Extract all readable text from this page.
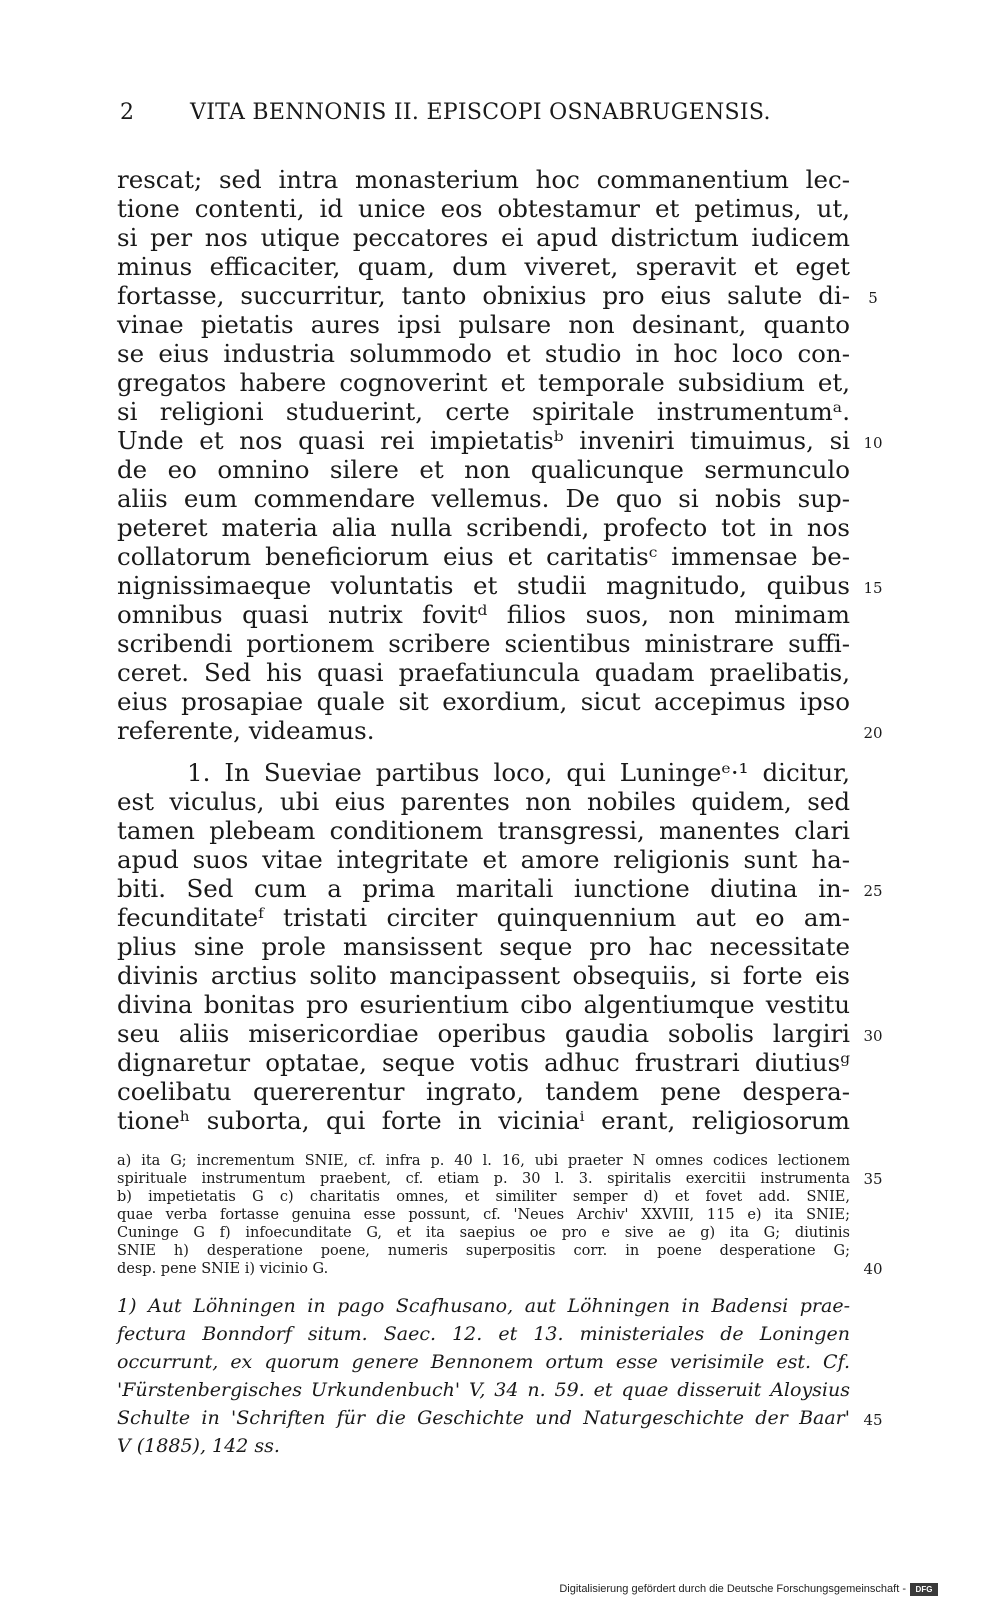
2	VITA BENNONIS II. EPISCOPI OSNABRUGENSIS.
rescat; sed intra monasterium hoc commanentium lec-
tione contenti, id unice eos obtestamur et petimus, ut,
si per nos utique peccatores ei apud districtum iudicem
minus efficaciter, quam, dum viveret, speravit et eget
fortasse, succurritur, tanto obnixius pro eius salute di-
vinae pietatis aures ipsi pulsare non desinant, quanto
se eius industria solummodo et studio in hoc loco con-
gregatos habere cognoverint et temporale subsidium et,
si religioni studuerint, certe spiritale instrumentumᵃ.
Unde et nos quasi rei impietatisᵇ inveniri timuimus, si
de eo omnino silere et non qualicunque sermunculo
aliis eum commendare vellemus. De quo si nobis sup-
peteret materia alia nulla scribendi, profecto tot in nos
collatorum beneficiorum eius et caritatisᶜ immensae be-
nignissimaeque voluntatis et studii magnitudo, quibus
omnibus quasi nutrix fovitᵈ filios suos, non minimam
scribendi portionem scribere scientibus ministrare suffi-
ceret. Sed his quasi praefatiuncula quadam praelibatis,
eius prosapiae quale sit exordium, sicut accepimus ipso
referente, videamus.
1. In Sueviae partibus loco, qui Luningeᵉ·¹ dicitur,
est viculus, ubi eius parentes non nobiles quidem, sed
tamen plebeam conditionem transgressi, manentes clari
apud suos vitae integritate et amore religionis sunt ha-
biti. Sed cum a prima maritali iunctione diutina in-
fecunditateᶠ tristati circiter quinquennium aut eo am-
plius sine prole mansissent seque pro hac necessitate
divinis arctius solito mancipassent obsequiis, si forte eis
divina bonitas pro esurientium cibo algentiumque vestitu
seu aliis misericordiae operibus gaudia sobolis largiri
dignaretur optatae, seque votis adhuc frustrari diutiusᵍ
coelibatu quererentur ingrato, tandem pene despera-
tioneʰ suborta, qui forte in viciniaⁱ erant, religiosorum
5
10
15
20
25
30
a) ita G; incrementum SNIE, cf. infra p. 40 l. 16, ubi praeter N omnes codices lectionem
spirituale instrumentum praebent, cf. etiam p. 30 l. 3. spiritalis exercitii instrumenta
b) impetietatis G c) charitatis omnes, et similiter semper d) et fovet add. SNIE,
quae verba fortasse genuina esse possunt, cf. 'Neues Archiv' XXVIII, 115 e) ita SNIE;
Cuninge G f) infoecunditate G, et ita saepius oe pro e sive ae g) ita G; diutinis
SNIE h) desperatione poene, numeris superpositis corr. in poene desperatione G;
desp. pene SNIE i) vicinio G.
35
40
1) Aut Löhningen in pago Scafhusano, aut Löhningen in Badensi prae-
fectura Bonndorf situm. Saec. 12. et 13. ministeriales de Loningen
occurrunt, ex quorum genere Bennonem ortum esse verisimile est. Cf.
'Fürstenbergisches Urkundenbuch' V, 34 n. 59. et quae disseruit Aloysius
Schulte in 'Schriften für die Geschichte und Naturgeschichte der Baar'
V (1885), 142 ss.
45
Digitalisierung gefördert durch die Deutsche Forschungsgemeinschaft - DFG
